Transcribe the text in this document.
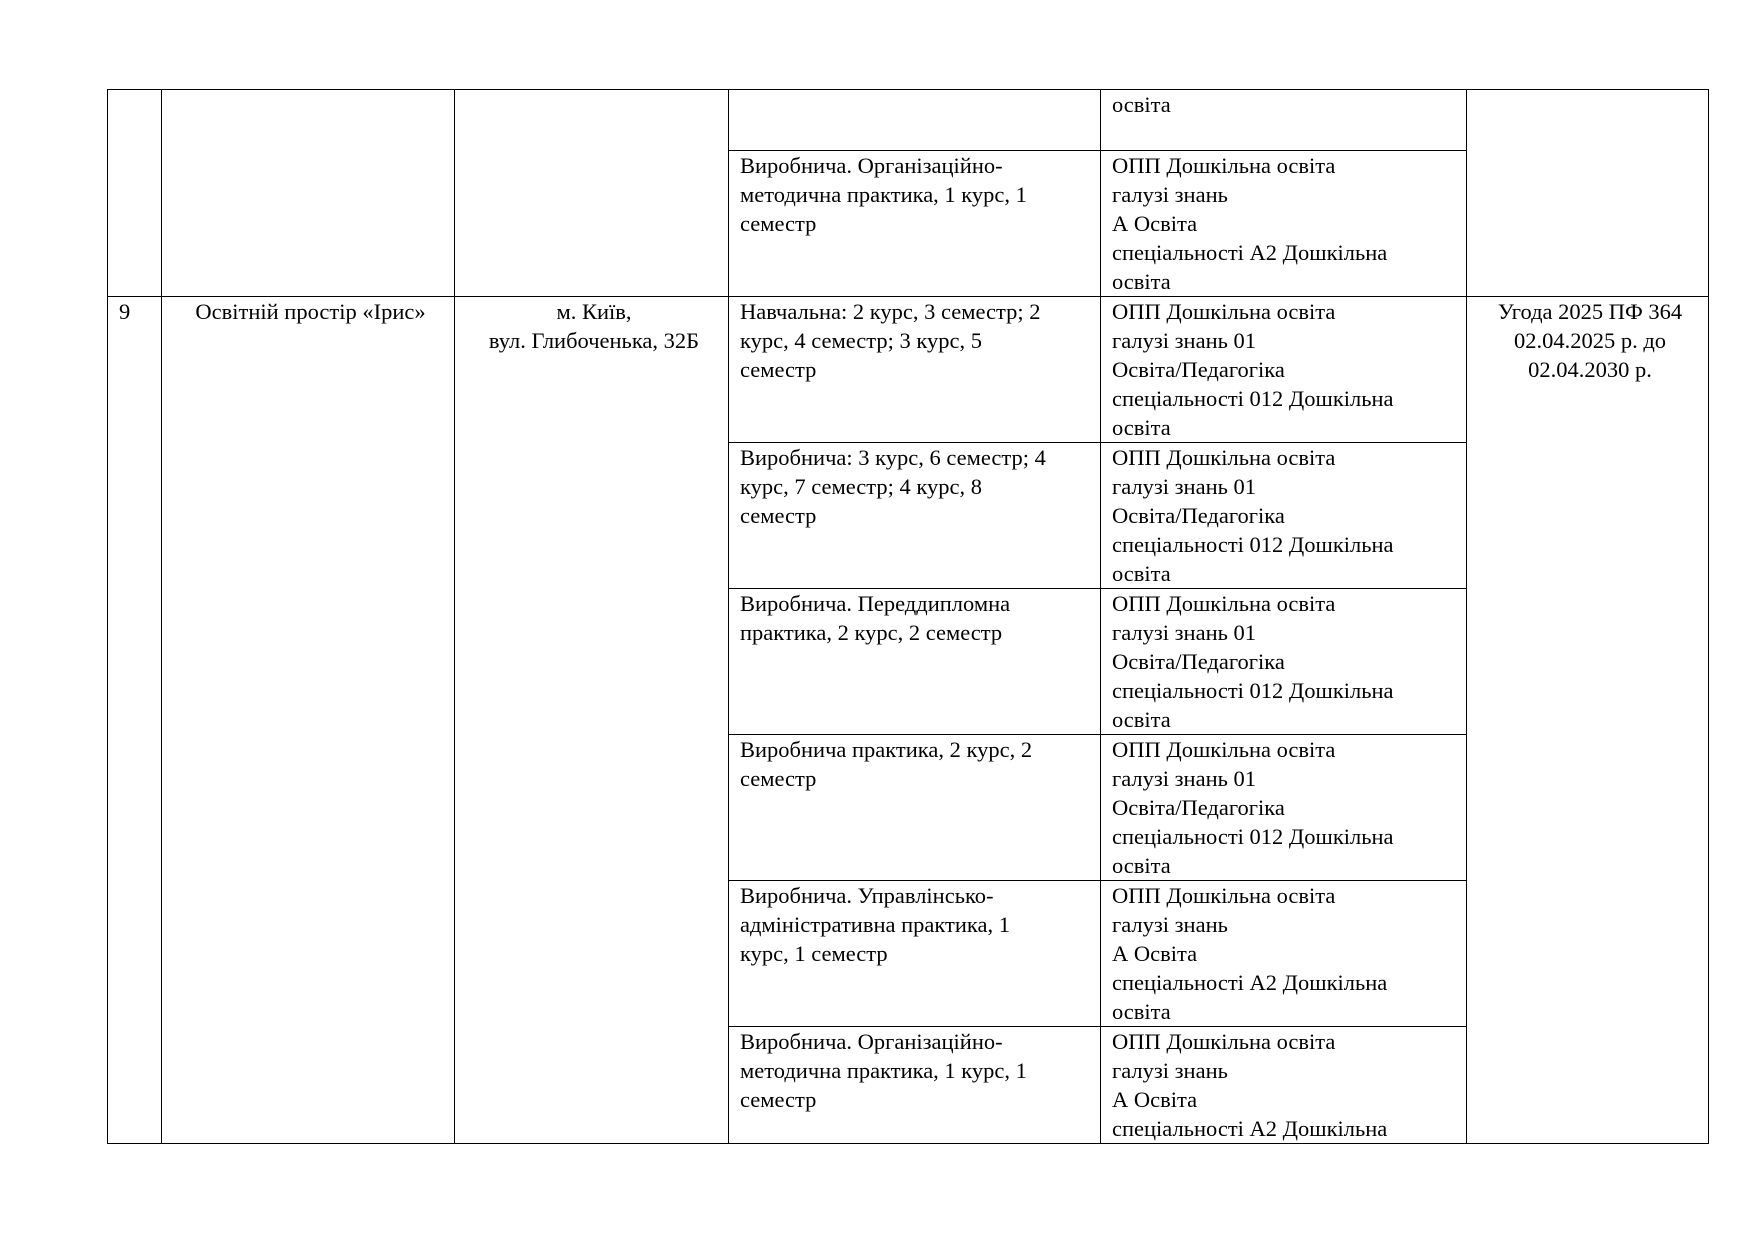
				освіта	
			Виробнича. Організаційно-
методична практика, 1 курс, 1
семестр	ОПП Дошкільна освіта
галузі знань
А Освіта
спеціальності А2 Дошкільна
освіта	
9	Освітній простір «Ірис»	м. Київ,
вул. Глибоченька, 32Б	Навчальна: 2 курс, 3 семестр; 2
курс, 4 семестр; 3 курс, 5
семестр	ОПП Дошкільна освіта
галузі знань 01
Освіта/Педагогіка
спеціальності 012 Дошкільна
освіта	Угода 2025 ПФ 364
02.04.2025 р. до
02.04.2030 р.
			Виробнича: 3 курс, 6 семестр; 4
курс, 7 семестр; 4 курс, 8
семестр	ОПП Дошкільна освіта
галузі знань 01
Освіта/Педагогіка
спеціальності 012 Дошкільна
освіта	
			Виробнича. Переддипломна
практика, 2 курс, 2 семестр	ОПП Дошкільна освіта
галузі знань 01
Освіта/Педагогіка
спеціальності 012 Дошкільна
освіта	
			Виробнича практика, 2 курс, 2
семестр	ОПП Дошкільна освіта
галузі знань 01
Освіта/Педагогіка
спеціальності 012 Дошкільна
освіта	
			Виробнича. Управлінсько-
адміністративна практика, 1
курс, 1 семестр	ОПП Дошкільна освіта
галузі знань
А Освіта
спеціальності А2 Дошкільна
освіта	
			Виробнича. Організаційно-
методична практика, 1 курс, 1
семестр	ОПП Дошкільна освіта
галузі знань
А Освіта
спеціальності А2 Дошкільна	
